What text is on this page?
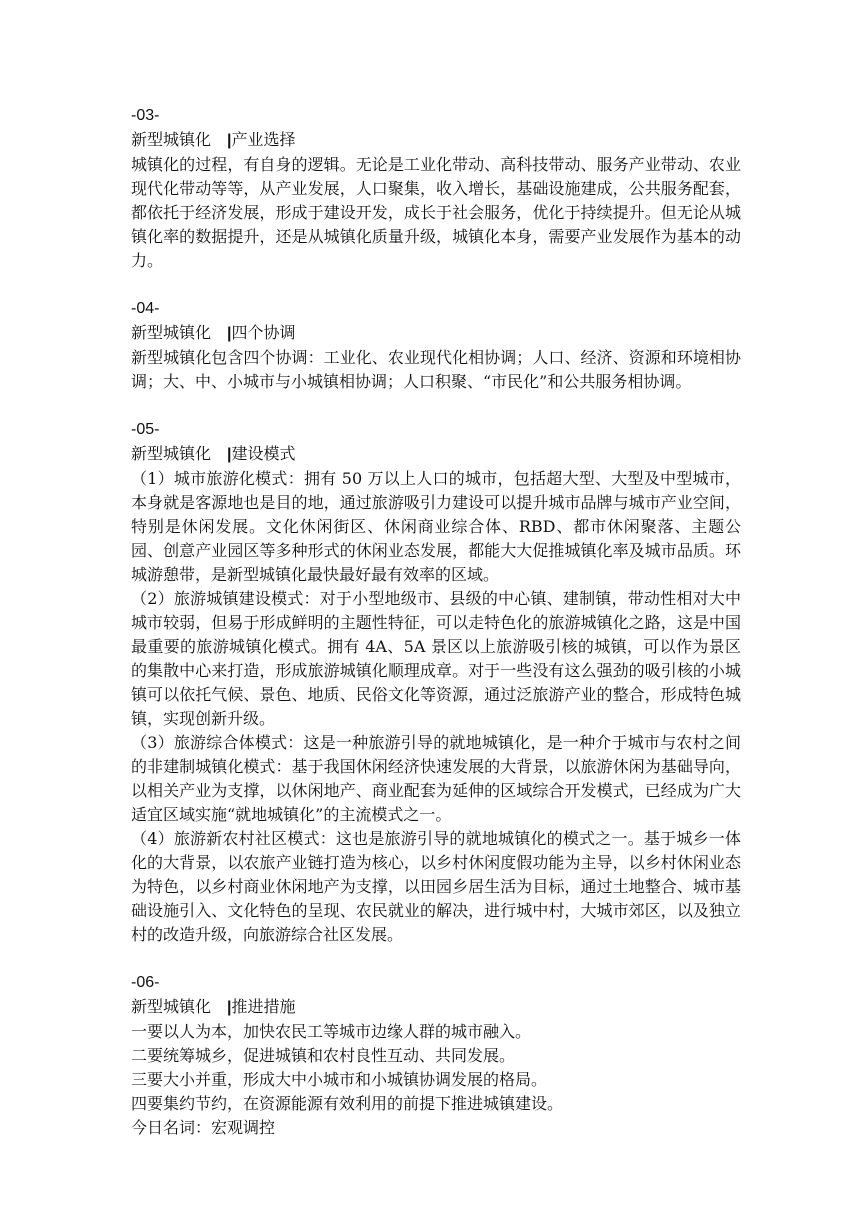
-03-
新型城镇化 |产业选择

城镇化的过程，有自身的逻辑。无论是工业化带动、高科技带动、服务产业带动、农业现代化带动等等，从产业发展，人口聚集，收入增长，基础设施建成，公共服务配套，都依托于经济发展，形成于建设开发，成长于社会服务，优化于持续提升。但无论从城镇化率的数据提升，还是从城镇化质量升级，城镇化本身，需要产业发展作为基本的动力。

-04-
新型城镇化 |四个协调

新型城镇化包含四个协调：工业化、农业现代化相协调；人口、经济、资源和环境相协调；大、中、小城市与小城镇相协调；人口积聚、“市民化”和公共服务相协调。

-05-
新型城镇化 |建设模式

（1）城市旅游化模式：拥有 50 万以上人口的城市，包括超大型、大型及中型城市，本身就是客源地也是目的地，通过旅游吸引力建设可以提升城市品牌与城市产业空间，特别是休闲发展。文化休闲街区、休闲商业综合体、RBD、都市休闲聚落、主题公园、创意产业园区等多种形式的休闲业态发展，都能大大促推城镇化率及城市品质。环城游憩带，是新型城镇化最快最好最有效率的区域。

（2）旅游城镇建设模式：对于小型地级市、县级的中心镇、建制镇，带动性相对大中城市较弱，但易于形成鲜明的主题性特征，可以走特色化的旅游城镇化之路，这是中国最重要的旅游城镇化模式。拥有 4A、5A 景区以上旅游吸引核的城镇，可以作为景区的集散中心来打造，形成旅游城镇化顺理成章。对于一些没有这么强劲的吸引核的小城镇可以依托气候、景色、地质、民俗文化等资源，通过泛旅游产业的整合，形成特色城镇，实现创新升级。

（3）旅游综合体模式：这是一种旅游引导的就地城镇化，是一种介于城市与农村之间的非建制城镇化模式：基于我国休闲经济快速发展的大背景，以旅游休闲为基础导向，以相关产业为支撑，以休闲地产、商业配套为延伸的区域综合开发模式，已经成为广大适宜区域实施“就地城镇化”的主流模式之一。

（4）旅游新农村社区模式：这也是旅游引导的就地城镇化的模式之一。基于城乡一体化的大背景，以农旅产业链打造为核心，以乡村休闲度假功能为主导，以乡村休闲业态为特色，以乡村商业休闲地产为支撑，以田园乡居生活为目标，通过土地整合、城市基础设施引入、文化特色的呈现、农民就业的解决，进行城中村，大城市郊区，以及独立村的改造升级，向旅游综合社区发展。

-06-
新型城镇化 |推进措施

一要以人为本，加快农民工等城市边缘人群的城市融入。

二要统筹城乡，促进城镇和农村良性互动、共同发展。

三要大小并重，形成大中小城市和小城镇协调发展的格局。

四要集约节约，在资源能源有效利用的前提下推进城镇建设。

今日名词：宏观调控
